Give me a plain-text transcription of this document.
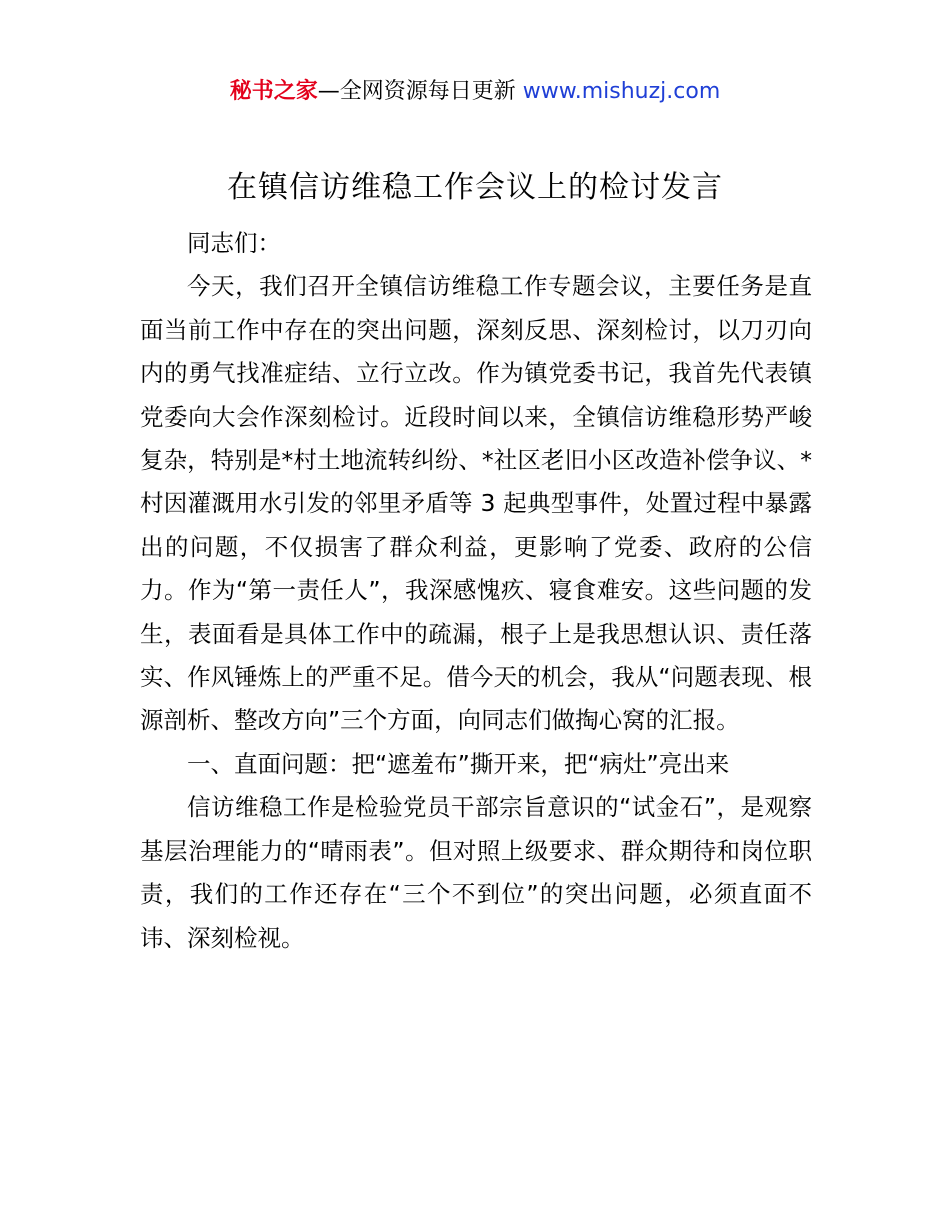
秘书之家—全网资源每日更新 www.mishuzj.com
在镇信访维稳工作会议上的检讨发言

同志们：

今天，我们召开全镇信访维稳工作专题会议，主要任务是直面当前工作中存在的突出问题，深刻反思、深刻检讨，以刀刃向内的勇气找准症结、立行立改。作为镇党委书记，我首先代表镇党委向大会作深刻检讨。近段时间以来，全镇信访维稳形势严峻复杂，特别是*村土地流转纠纷、*社区老旧小区改造补偿争议、*村因灌溉用水引发的邻里矛盾等 3 起典型事件，处置过程中暴露出的问题，不仅损害了群众利益，更影响了党委、政府的公信力。作为“第一责任人”，我深感愧疚、寝食难安。这些问题的发生，表面看是具体工作中的疏漏，根子上是我思想认识、责任落实、作风锤炼上的严重不足。借今天的机会，我从“问题表现、根源剖析、整改方向”三个方面，向同志们做掏心窝的汇报。

一、直面问题：把“遮羞布”撕开来，把“病灶”亮出来

信访维稳工作是检验党员干部宗旨意识的“试金石”，是观察基层治理能力的“晴雨表”。但对照上级要求、群众期待和岗位职责，我们的工作还存在“三个不到位”的突出问题，必须直面不讳、深刻检视。
